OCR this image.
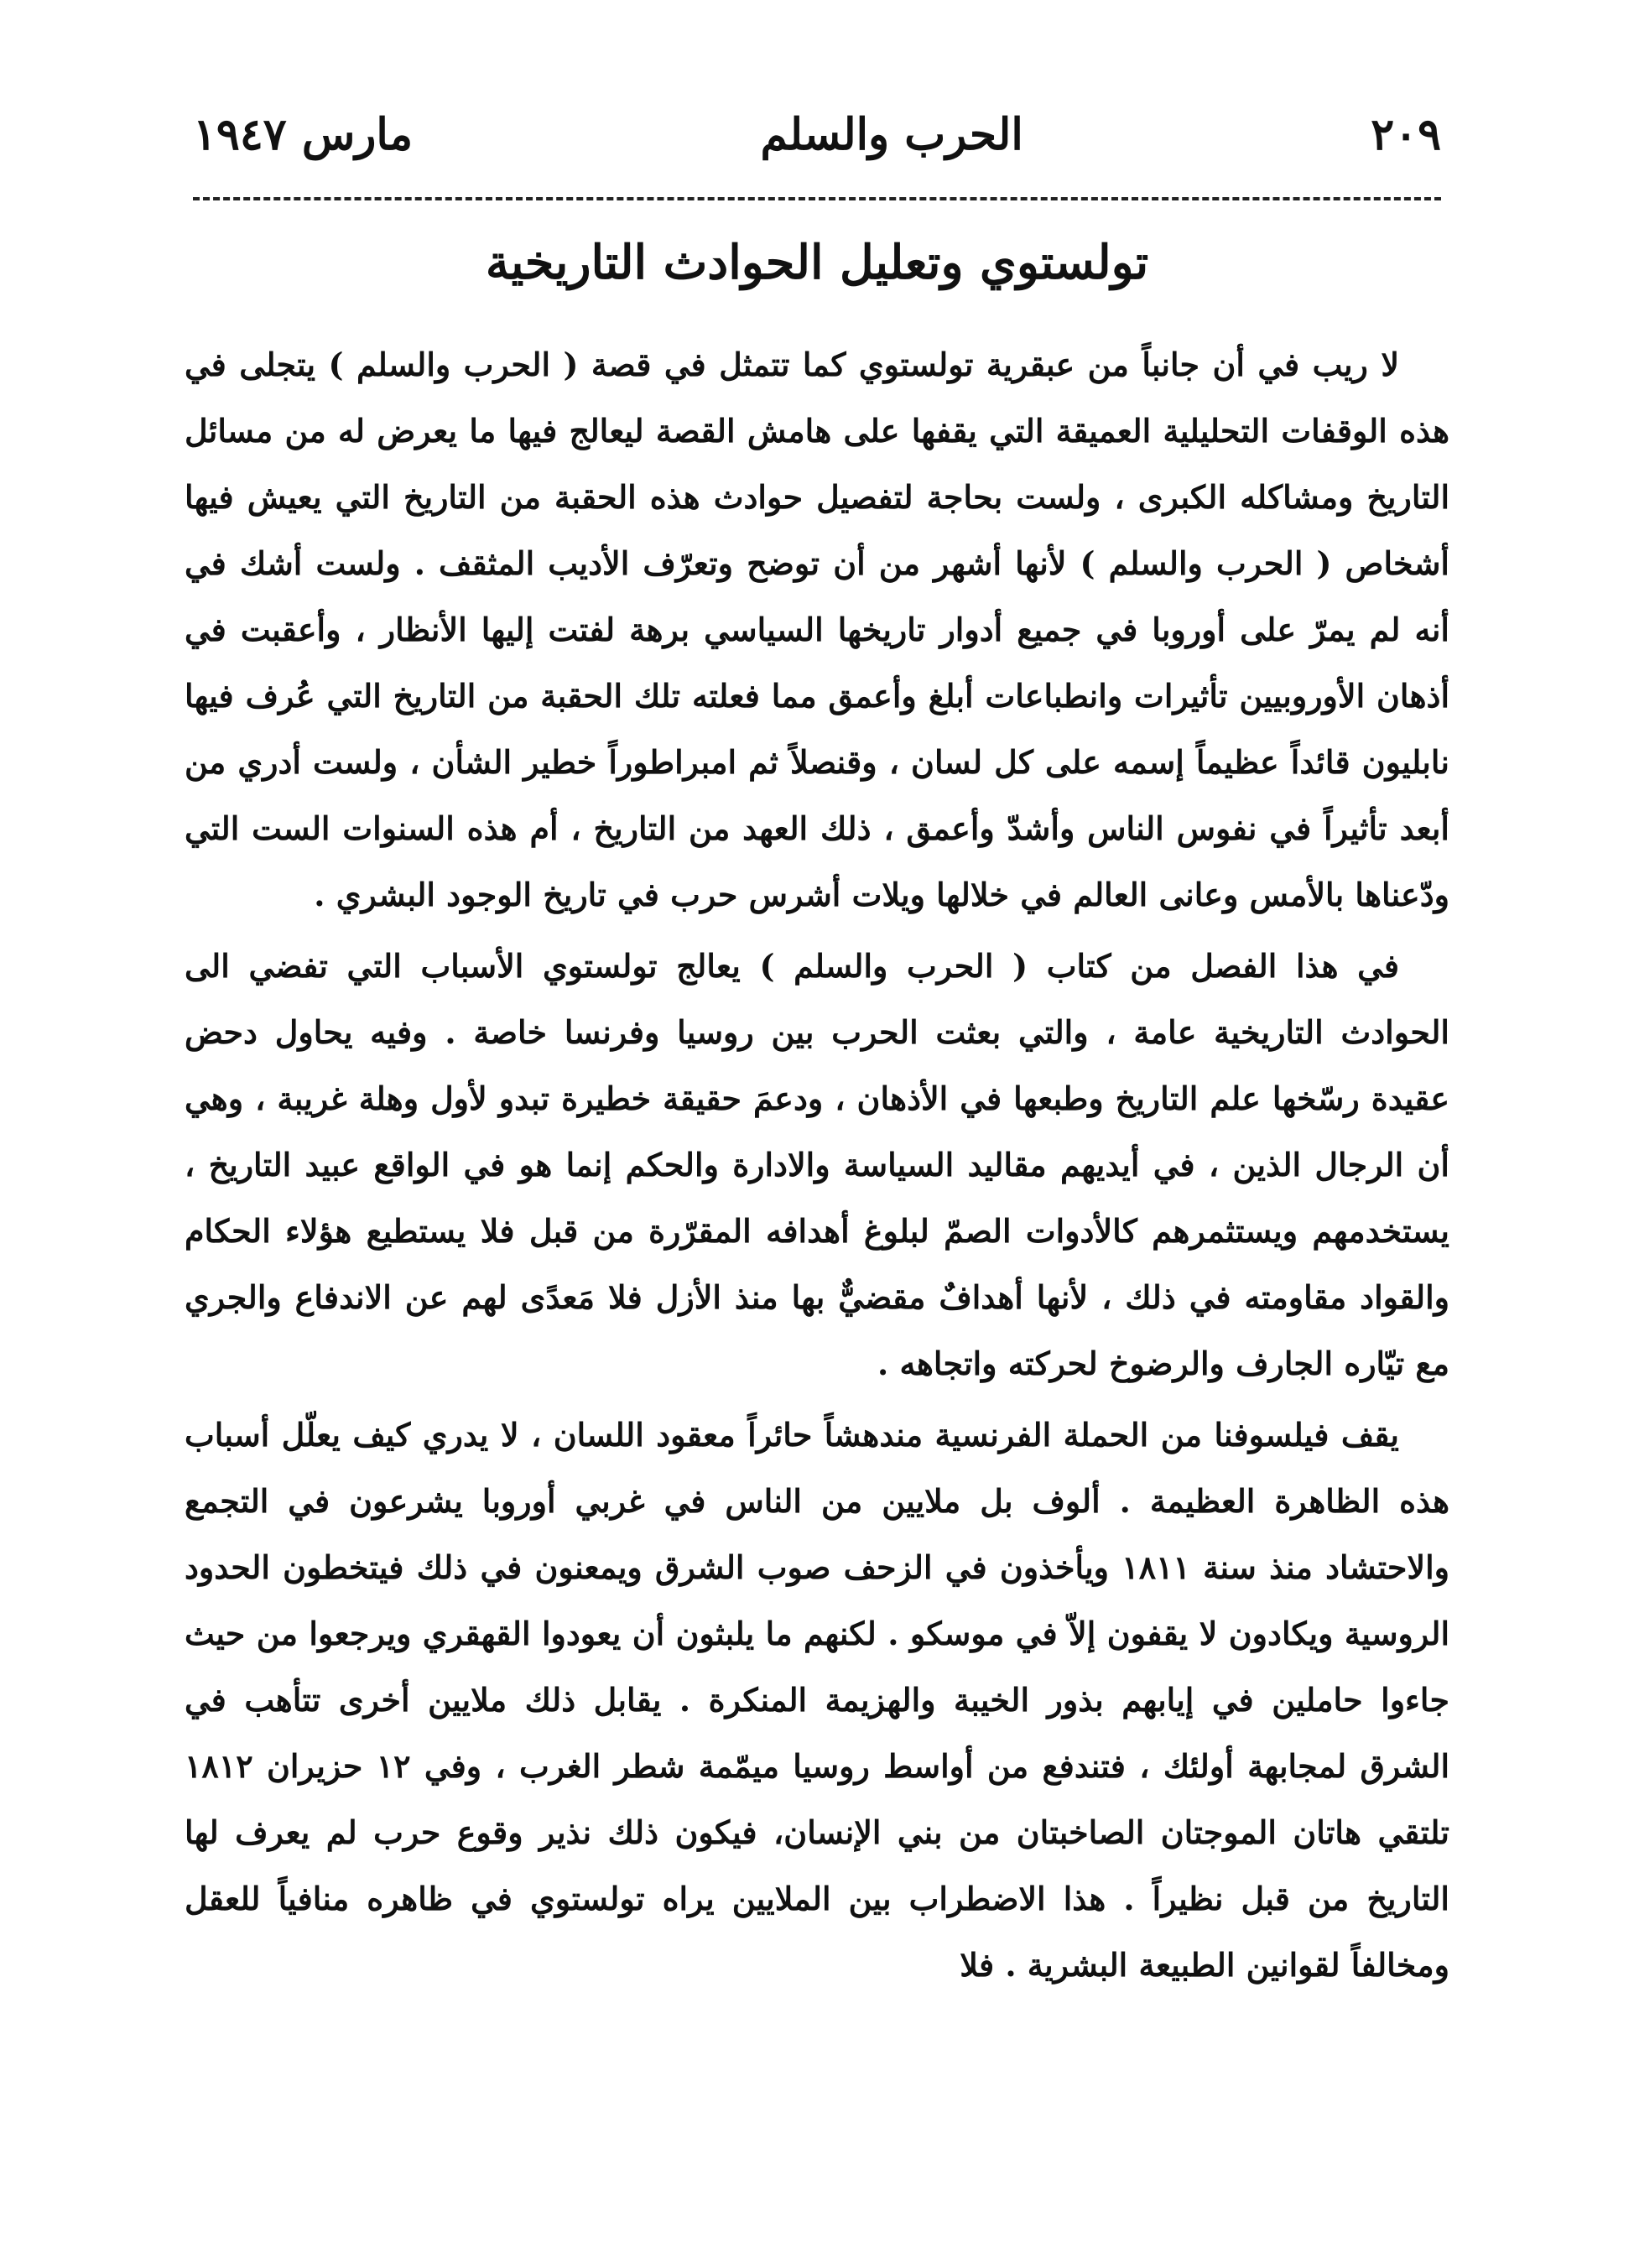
٢٠٩
الحرب والسلم
مارس ١٩٤٧
تولستوي وتعليل الحوادث التاريخية

لا ريب في أن جانباً من عبقرية تولستوي كما تتمثل في قصة ( الحرب والسلم ) يتجلى في هذه الوقفات التحليلية العميقة التي يقفها على هامش القصة ليعالج فيها ما يعرض له من مسائل التاريخ ومشاكله الكبرى ، ولست بحاجة لتفصيل حوادث هذه الحقبة من التاريخ التي يعيش فيها أشخاص ( الحرب والسلم ) لأنها أشهر من أن توضح وتعرّف الأديب المثقف . ولست أشك في أنه لم يمرّ على أوروبا في جميع أدوار تاريخها السياسي برهة لفتت إليها الأنظار ، وأعقبت في أذهان الأوروبيين تأثيرات وانطباعات أبلغ وأعمق مما فعلته تلك الحقبة من التاريخ التي عُرف فيها نابليون قائداً عظيماً إسمه على كل لسان ، وقنصلاً ثم امبراطوراً خطير الشأن ، ولست أدري من أبعد تأثيراً في نفوس الناس وأشدّ وأعمق ، ذلك العهد من التاريخ ، أم هذه السنوات الست التي ودّعناها بالأمس وعانى العالم في خلالها ويلات أشرس حرب في تاريخ الوجود البشري .

في هذا الفصل من كتاب ( الحرب والسلم ) يعالج تولستوي الأسباب التي تفضي الى الحوادث التاريخية عامة ، والتي بعثت الحرب بين روسيا وفرنسا خاصة . وفيه يحاول دحض عقيدة رسّخها علم التاريخ وطبعها في الأذهان ، ودعمَ حقيقة خطيرة تبدو لأول وهلة غريبة ، وهي أن الرجال الذين ، في أيديهم مقاليد السياسة والادارة والحكم إنما هو في الواقع عبيد التاريخ ، يستخدمهم ويستثمرهم كالأدوات الصمّ لبلوغ أهدافه المقرّرة من قبل فلا يستطيع هؤلاء الحكام والقواد مقاومته في ذلك ، لأنها أهدافٌ مقضيٌّ بها منذ الأزل فلا مَعدًى لهم عن الاندفاع والجري مع تيّاره الجارف والرضوخ لحركته واتجاهه .

يقف فيلسوفنا من الحملة الفرنسية مندهشاً حائراً معقود اللسان ، لا يدري كيف يعلّل أسباب هذه الظاهرة العظيمة . ألوف بل ملايين من الناس في غربي أوروبا يشرعون في التجمع والاحتشاد منذ سنة ١٨١١ ويأخذون في الزحف صوب الشرق ويمعنون في ذلك فيتخطون الحدود الروسية ويكادون لا يقفون إلاّ في موسكو . لكنهم ما يلبثون أن يعودوا القهقري ويرجعوا من حيث جاءوا حاملين في إيابهم بذور الخيبة والهزيمة المنكرة . يقابل ذلك ملايين أخرى تتأهب في الشرق لمجابهة أولئك ، فتندفع من أواسط روسيا ميمّمة شطر الغرب ، وفي ١٢ حزيران ١٨١٢ تلتقي هاتان الموجتان الصاخبتان من بني الإنسان، فيكون ذلك نذير وقوع حرب لم يعرف لها التاريخ من قبل نظيراً . هذا الاضطراب بين الملايين يراه تولستوي في ظاهره منافياً للعقل ومخالفاً لقوانين الطبيعة البشرية . فلا
